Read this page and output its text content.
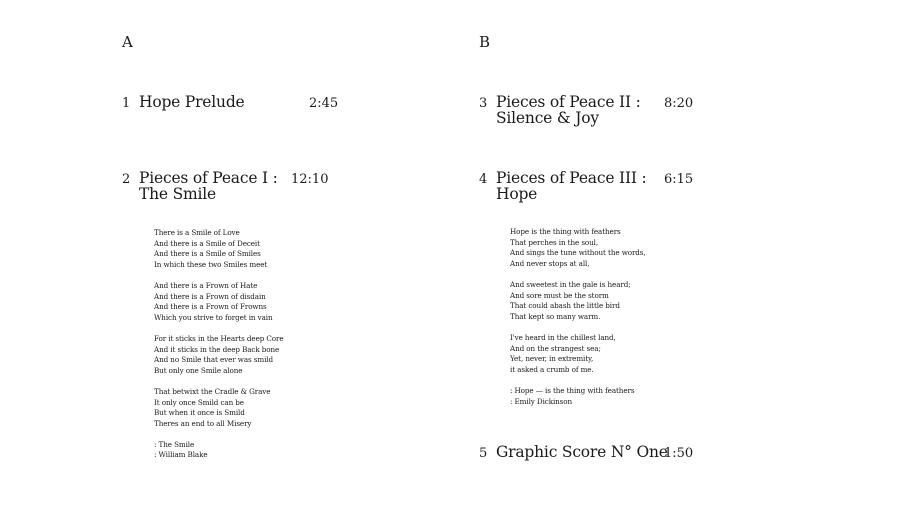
A	B
1 Hope Prelude	2:45
2 Pieces of Peace I :
The Smile
12:10
3 Pieces of Peace II :
Silence & Joy
8:20
4 Pieces of Peace III :
Hope
6:15
5 Graphic Score N° One
1:50
There is a Smile of Love
And there is a Smile of Deceit
And there is a Smile of Smiles
In which these two Smiles meet
And there is a Frown of Hate
And there is a Frown of disdain
And there is a Frown of Frowns
Which you strive to forget in vain
For it sticks in the Hearts deep Core
And it sticks in the deep Back bone
And no Smile that ever was smild
But only one Smile alone
That betwixt the Cradle & Grave
It only once Smild can be
But when it once is Smild
Theres an end to all Misery
: The Smile
: William Blake
Hope is the thing with feathers
That perches in the soul,
And sings the tune without the words,
And never stops at all,
And sweetest in the gale is heard;
And sore must be the storm
That could abash the little bird
That kept so many warm.
I've heard in the chillest land,
And on the strangest sea;
Yet, never, in extremity,
it asked a crumb of me.
: Hope — is the thing with feathers
: Emily Dickinson
